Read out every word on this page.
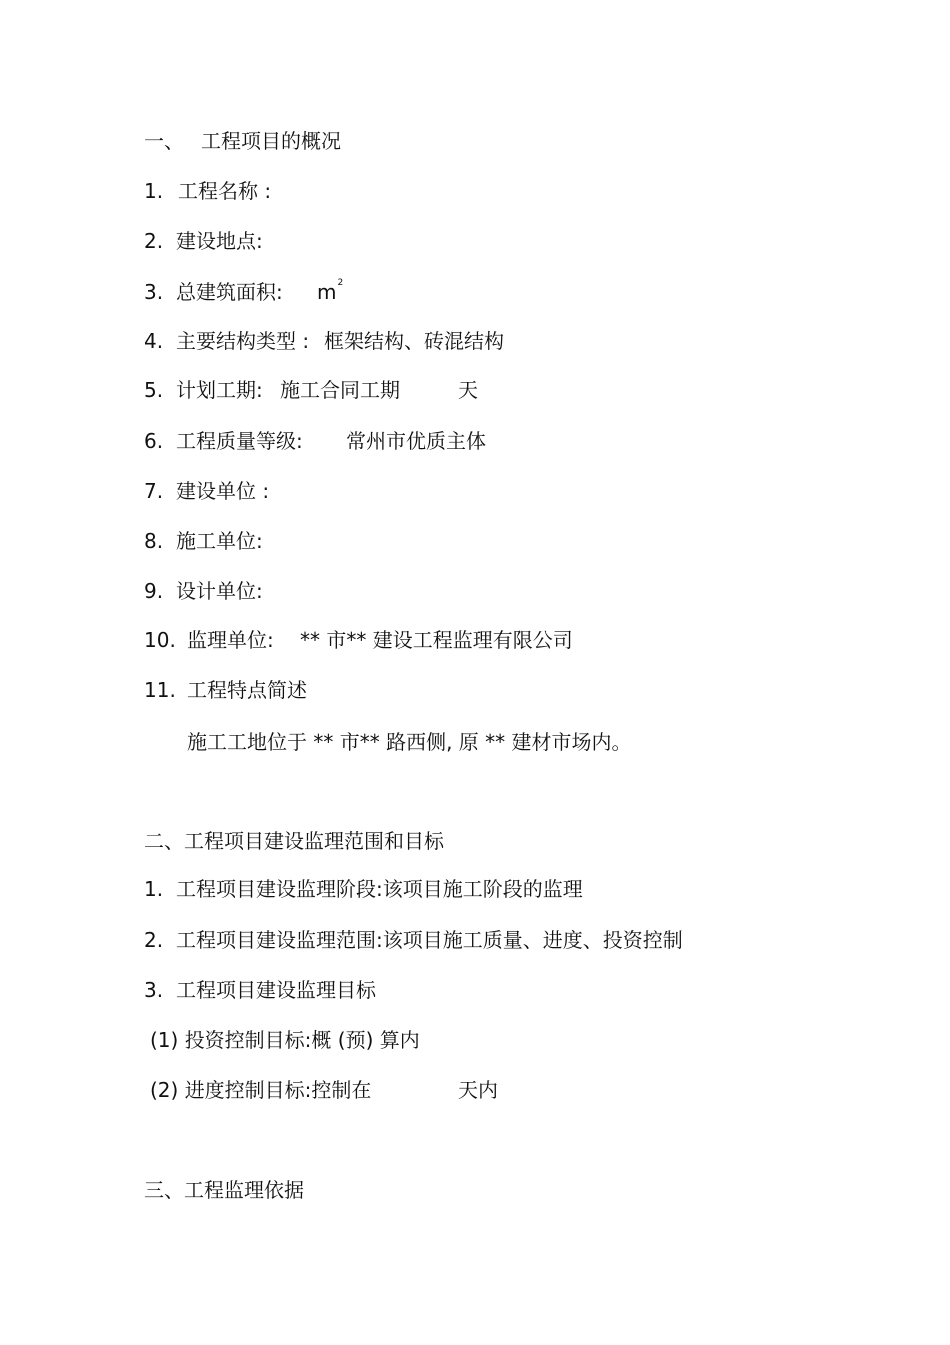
一、 工程项目的概况
1. 工程名称 :
2. 建设地点:
3. 总建筑面积: $m^2$
4. 主要结构类型 : 框架结构、砖混结构
5. 计划工期: 施工合同工期	天
6. 工程质量等级: 常州市优质主体
7. 建设单位 :
8. 施工单位:
9. 设计单位:
10. 监理单位: ** 市** 建设工程监理有限公司
11. 工程特点简述
施工工地位于 ** 市** 路西侧, 原 ** 建材市场内。
二、工程项目建设监理范围和目标
1. 工程项目建设监理阶段:该项目施工阶段的监理
2. 工程项目建设监理范围:该项目施工质量、进度、投资控制
3. 工程项目建设监理目标
(1) 投资控制目标:概 (预) 算内
(2) 进度控制目标:控制在	天内
三、工程监理依据
